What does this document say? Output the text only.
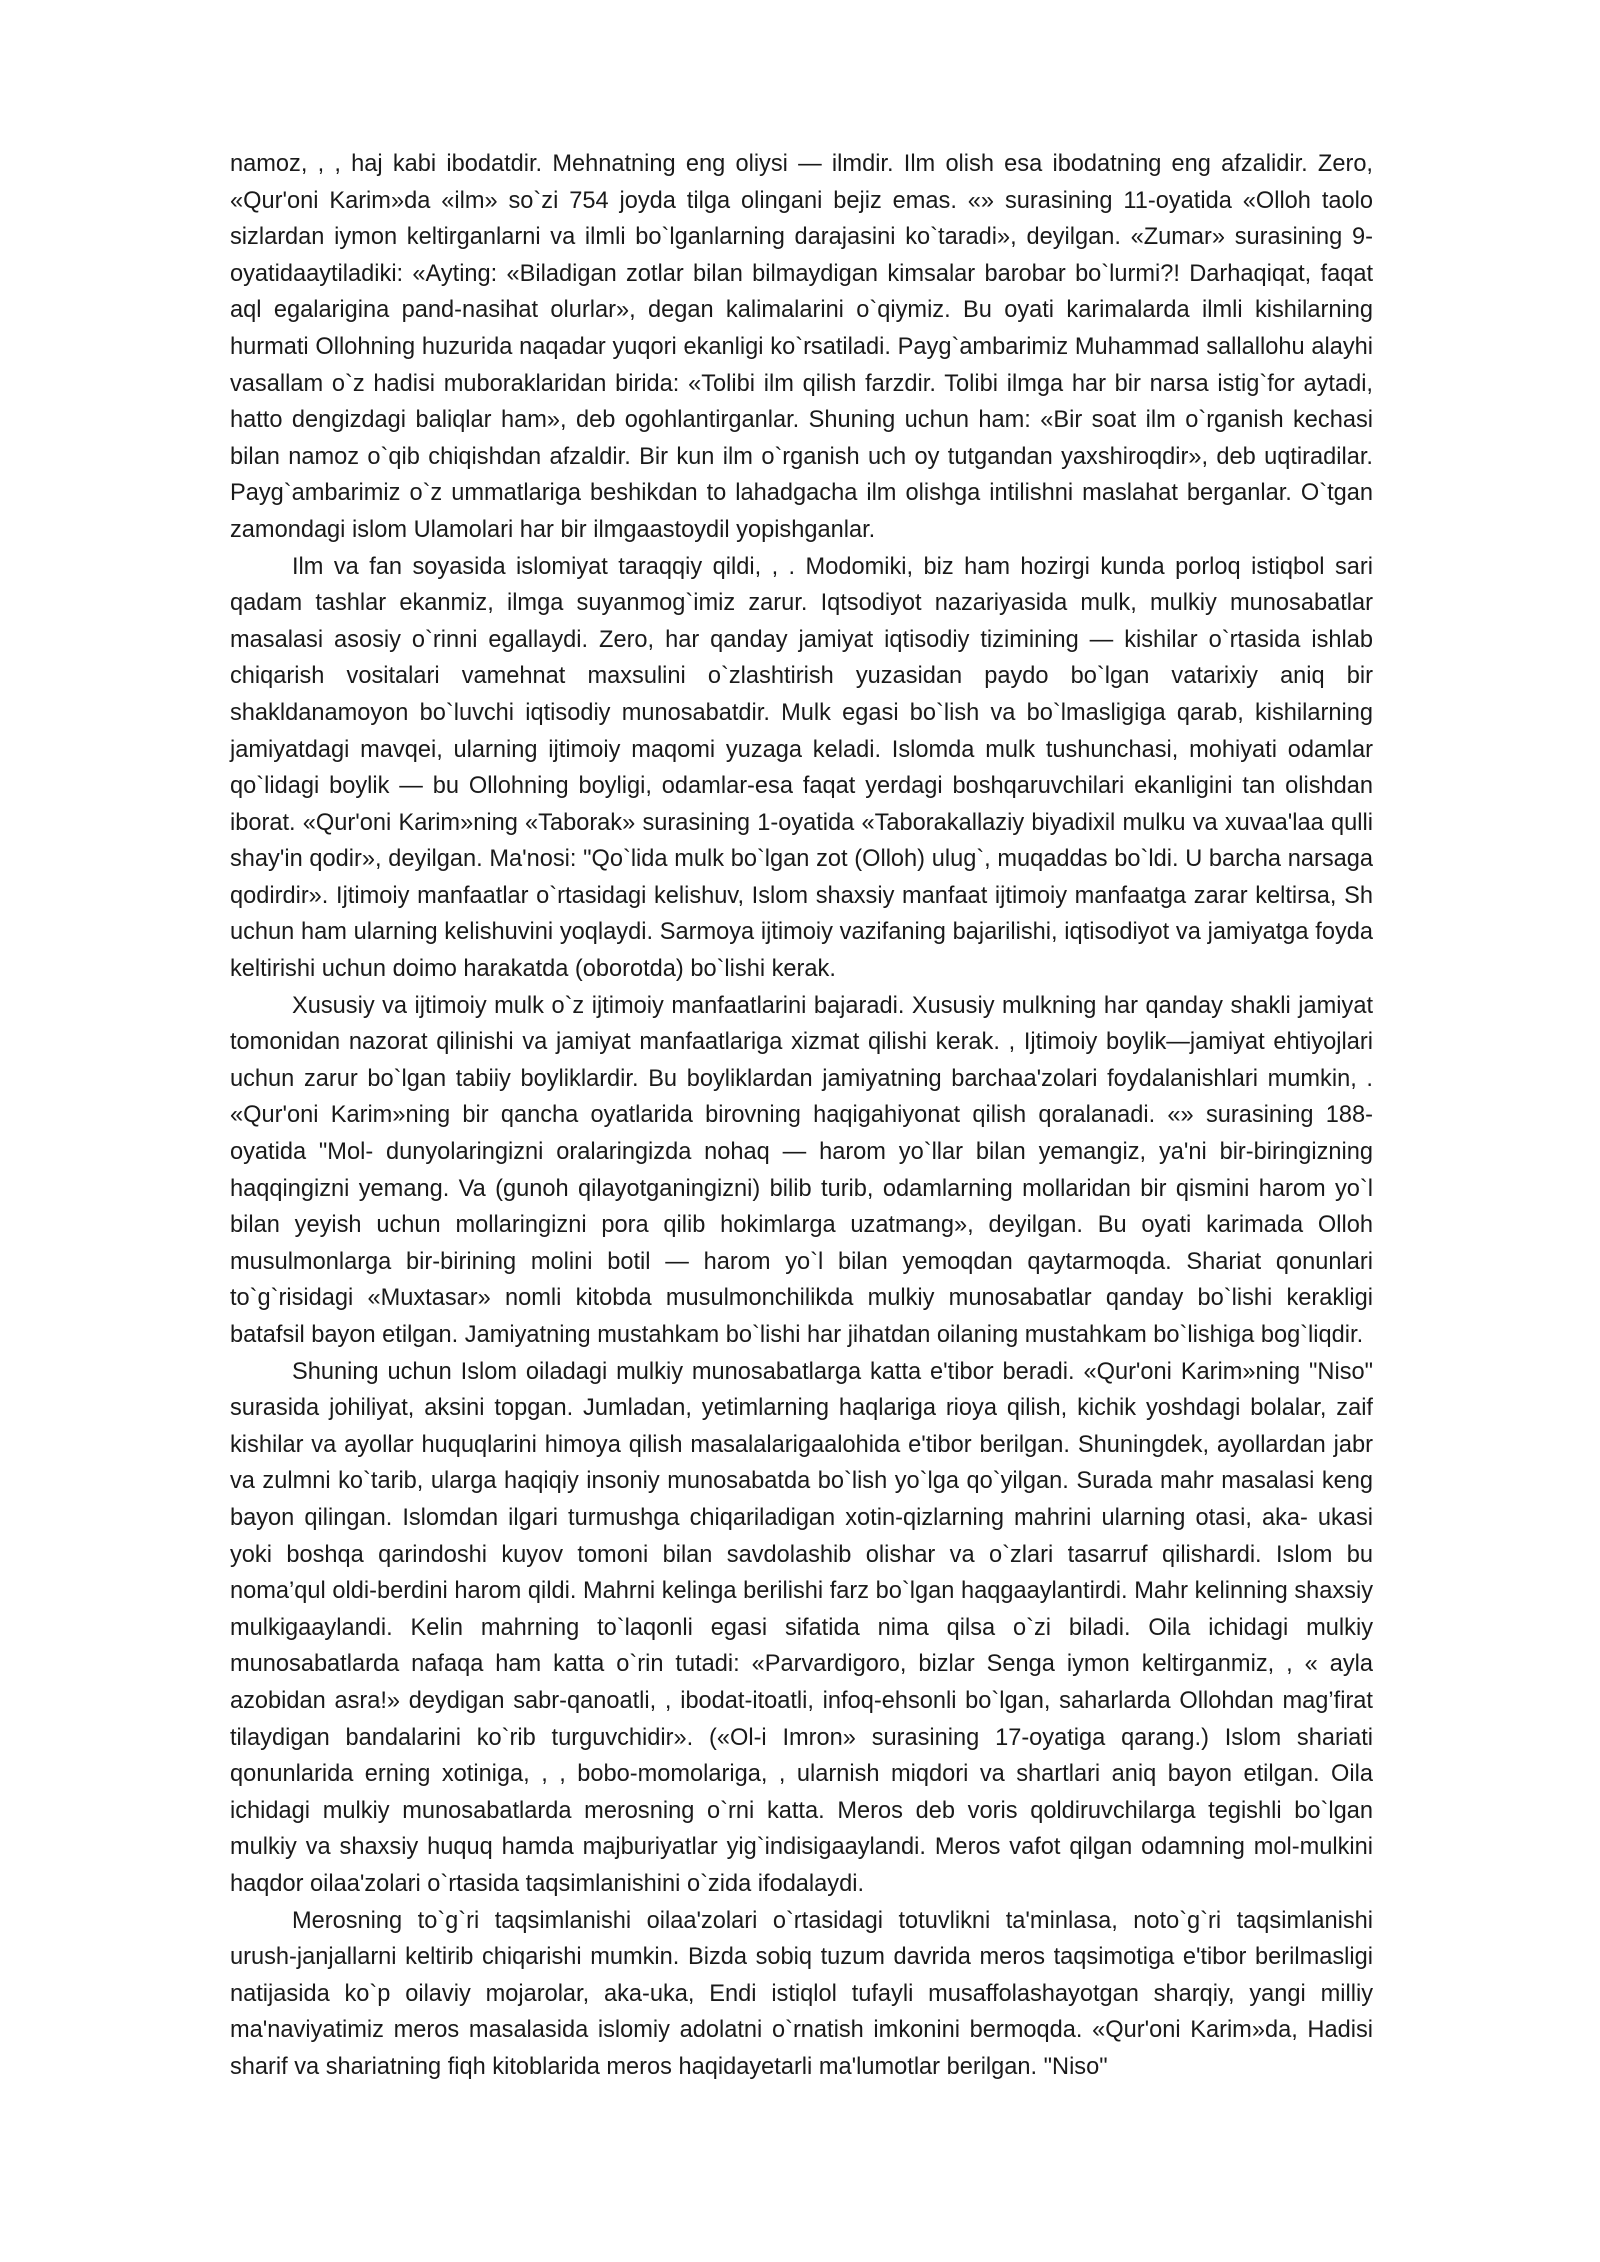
namoz, , , haj kabi ibodatdir. Mehnatning eng oliysi — ilmdir. Ilm olish esa ibodatning eng afzalidir. Zero, «Qur'oni Karim»da «ilm» so`zi 754 joyda tilga olingani bejiz emas. «» surasining 11-oyatida «Olloh taolo sizlardan iymon keltirganlarni va ilmli bo`lganlarning darajasini ko`taradi», deyilgan. «Zumar» surasining 9- oyatidaaytiladiki: «Ayting: «Biladigan zotlar bilan bilmaydigan kimsalar barobar bo`lurmi?! Darhaqiqat, faqat aql egalarigina pand-nasihat olurlar», degan kalimalarini o`qiymiz. Bu oyati karimalarda ilmli kishilarning hurmati Ollohning huzurida naqadar yuqori ekanligi ko`rsatiladi. Payg`ambarimiz Muhammad sallallohu alayhi vasallam o`z hadisi muboraklaridan birida: «Tolibi ilm qilish farzdir. Tolibi ilmga har bir narsa istig`for aytadi, hatto dengizdagi baliqlar ham», deb ogohlantirganlar. Shuning uchun ham: «Bir soat ilm o`rganish kechasi bilan namoz o`qib chiqishdan afzaldir. Bir kun ilm o`rganish uch oy tutgandan yaxshiroqdir», deb uqtiradilar. Payg`ambarimiz o`z ummatlariga beshikdan to lahadgacha ilm olishga intilishni maslahat berganlar. O`tgan zamondagi islom Ulamolari har bir ilmgaastoydil yopishganlar.

Ilm va fan soyasida islomiyat taraqqiy qildi, , . Modomiki, biz ham hozirgi kunda porloq istiqbol sari qadam tashlar ekanmiz, ilmga suyanmog`imiz zarur. Iqtsodiyot nazariyasida mulk, mulkiy munosabatlar masalasi asosiy o`rinni egallaydi. Zero, har qanday jamiyat iqtisodiy tizimining — kishilar o`rtasida ishlab chiqarish vositalari vamehnat maxsulini o`zlashtirish yuzasidan paydo bo`lgan vatarixiy aniq bir shakldanamoyon bo`luvchi iqtisodiy munosabatdir. Mulk egasi bo`lish va bo`lmasligiga qarab, kishilarning jamiyatdagi mavqei, ularning ijtimoiy maqomi yuzaga keladi. Islomda mulk tushunchasi, mohiyati odamlar qo`lidagi boylik — bu Ollohning boyligi, odamlar-esa faqat yerdagi boshqaruvchilari ekanligini tan olishdan iborat. «Qur'oni Karim»ning «Taborak» surasining 1-oyatida «Taborakallaziy biyadixil mulku va xuvaa'laa qulli shay'in qodir», deyilgan. Ma'nosi: "Qo`lida mulk bo`lgan zot (Olloh) ulug`, muqaddas bo`ldi. U barcha narsaga qodirdir». Ijtimoiy manfaatlar o`rtasidagi kelishuv, Islom shaxsiy manfaat ijtimoiy manfaatga zarar keltirsa, Sh uchun ham ularning kelishuvini yoqlaydi. Sarmoya ijtimoiy vazifaning bajarilishi, iqtisodiyot va jamiyatga foyda keltirishi uchun doimo harakatda (oborotda) bo`lishi kerak.

Xususiy va ijtimoiy mulk o`z ijtimoiy manfaatlarini bajaradi. Xususiy mulkning har qanday shakli jamiyat tomonidan nazorat qilinishi va jamiyat manfaatlariga xizmat qilishi kerak. , Ijtimoiy boylik—jamiyat ehtiyojlari uchun zarur bo`lgan tabiiy boyliklardir. Bu boyliklardan jamiyatning barchaa'zolari foydalanishlari mumkin, . «Qur'oni Karim»ning bir qancha oyatlarida birovning haqigahiyonat qilish qoralanadi. «» surasining 188-oyatida "Mol- dunyolaringizni oralaringizda nohaq — harom yo`llar bilan yemangiz, ya'ni bir-biringizning haqqingizni yemang. Va (gunoh qilayotganingizni) bilib turib, odamlarning mollaridan bir qismini harom yo`l bilan yeyish uchun mollaringizni pora qilib hokimlarga uzatmang», deyilgan. Bu oyati karimada Olloh musulmonlarga bir-birining molini botil — harom yo`l bilan yemoqdan qaytarmoqda. Shariat qonunlari to`g`risidagi «Muxtasar» nomli kitobda musulmonchilikda mulkiy munosabatlar qanday bo`lishi kerakligi batafsil bayon etilgan. Jamiyatning mustahkam bo`lishi har jihatdan oilaning mustahkam bo`lishiga bog`liqdir.

Shuning uchun Islom oiladagi mulkiy munosabatlarga katta e'tibor beradi. «Qur'oni Karim»ning "Niso" surasida johiliyat, aksini topgan. Jumladan, yetimlarning haqlariga rioya qilish, kichik yoshdagi bolalar, zaif kishilar va ayollar huquqlarini himoya qilish masalalarigaalohida e'tibor berilgan. Shuningdek, ayollardan jabr va zulmni ko`tarib, ularga haqiqiy insoniy munosabatda bo`lish yo`lga qo`yilgan. Surada mahr masalasi keng bayon qilingan. Islomdan ilgari turmushga chiqariladigan xotin-qizlarning mahrini ularning otasi, aka- ukasi yoki boshqa qarindoshi kuyov tomoni bilan savdolashib olishar va o`zlari tasarruf qilishardi. Islom bu noma’qul oldi-berdini harom qildi. Mahrni kelinga berilishi farz bo`lgan haqgaaylantirdi. Mahr kelinning shaxsiy mulkigaaylandi. Kelin mahrning to`laqonli egasi sifatida nima qilsa o`zi biladi. Oila ichidagi mulkiy munosabatlarda nafaqa ham katta o`rin tutadi: «Parvardigoro, bizlar Senga iymon keltirganmiz, , « ayla azobidan asra!» deydigan sabr-qanoatli, , ibodat-itoatli, infoq-ehsonli bo`lgan, saharlarda Ollohdan mag’firat tilaydigan bandalarini ko`rib turguvchidir». («Ol-i Imron» surasining 17-oyatiga qarang.) Islom shariati qonunlarida erning xotiniga, , , bobo-momolariga, , ularnish miqdori va shartlari aniq bayon etilgan. Oila ichidagi mulkiy munosabatlarda merosning o`rni katta. Meros deb voris qoldiruvchilarga tegishli bo`lgan mulkiy va shaxsiy huquq hamda majburiyatlar yig`indisigaaylandi. Meros vafot qilgan odamning mol-mulkini haqdor oilaa'zolari o`rtasida taqsimlanishini o`zida ifodalaydi.

Merosning to`g`ri taqsimlanishi oilaa'zolari o`rtasidagi totuvlikni ta'minlasa, noto`g`ri taqsimlanishi urush-janjallarni keltirib chiqarishi mumkin. Bizda sobiq tuzum davrida meros taqsimotiga e'tibor berilmasligi natijasida ko`p oilaviy mojarolar, aka-uka, Endi istiqlol tufayli musaffolashayotgan sharqiy, yangi milliy ma'naviyatimiz meros masalasida islomiy adolatni o`rnatish imkonini bermoqda. «Qur'oni Karim»da, Hadisi sharif va shariatning fiqh kitoblarida meros haqidayetarli ma'lumotlar berilgan. "Niso"
